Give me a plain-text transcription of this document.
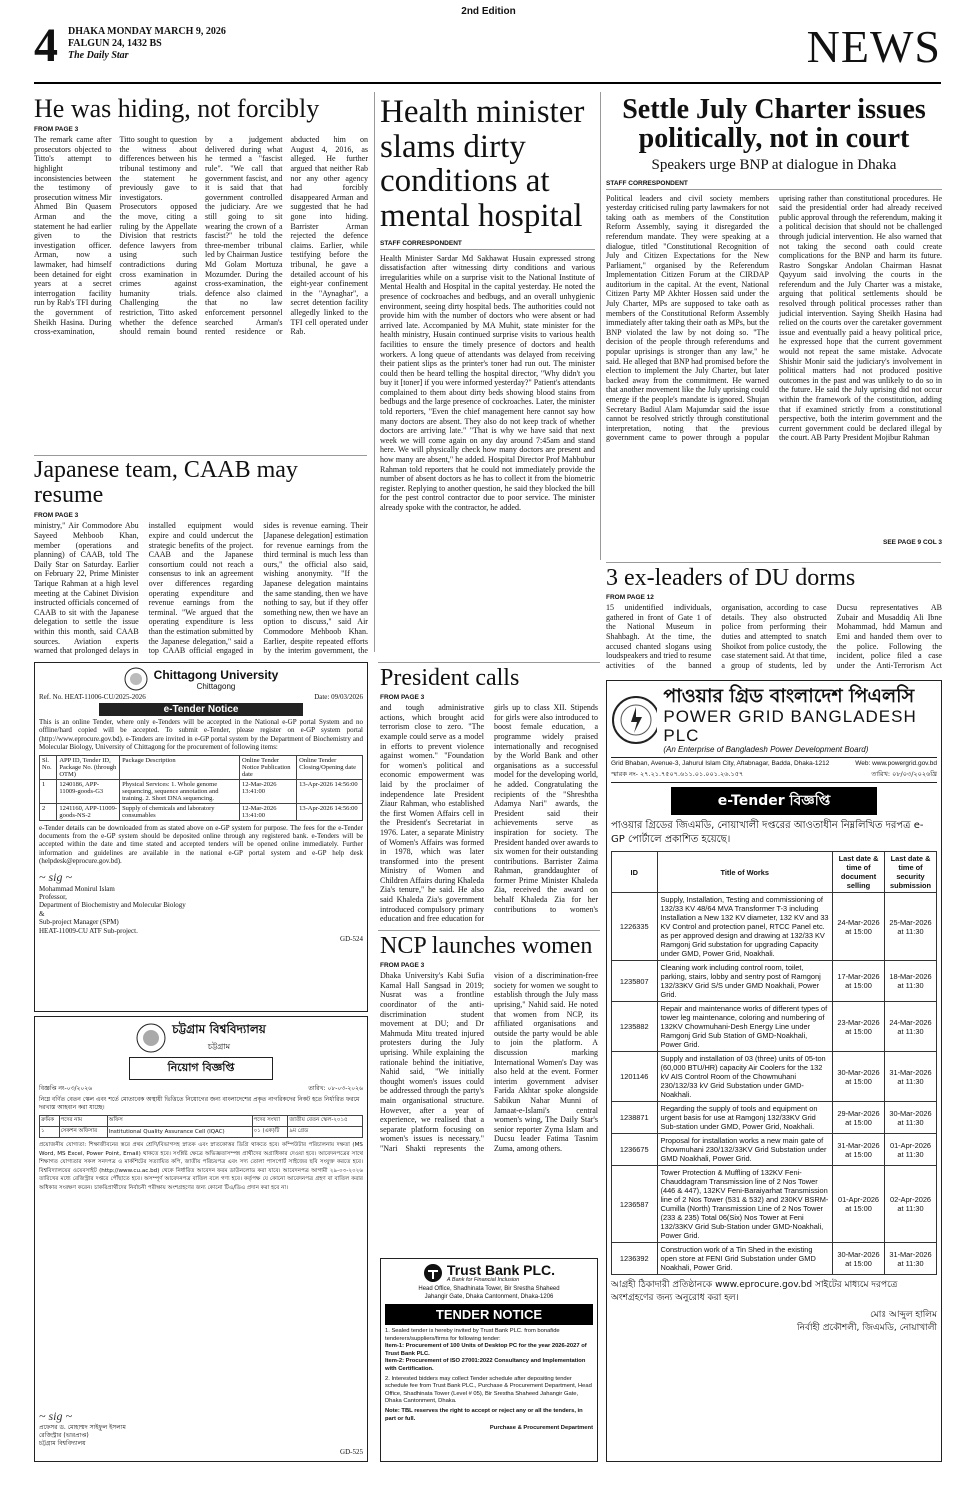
2nd Edition
4 DHAKA MONDAY MARCH 9, 2026
FALGUN 24, 1432 BS
The Daily Star	NEWS
He was hiding, not forcibly
FROM PAGE 3
The remark came after prosecutors objected to Titto's attempt to highlight inconsistencies between the testimony of prosecution witness Mir Ahmed Bin Quasem Arman and the statement he had earlier given to the investigation officer. Arman, now a lawmaker, had himself been detained for eight years at a secret interrogation facility run by Rab's TFI during the government of Sheikh Hasina. During cross-examination, Titto sought to question the witness about differences between his tribunal testimony and the statement he previously gave to investigators. Prosecutors opposed the move, citing a ruling by the Appellate Division that restricts defence lawyers from using such contradictions during cross examination in crimes against humanity trials. Challenging the restriction, Titto asked whether the defence should remain bound by a judgement delivered during what he termed a "fascist rule". "We call that government fascist, and it is said that that government controlled the judiciary. Are we still going to sit wearing the crown of a fascist?" he told the three-member tribunal led by Chairman Justice Md Golam Mortuza Mozumder. During the cross-examination, the defence also claimed that no law enforcement personnel searched Arman's rented residence or abducted him on August 4, 2016, as alleged. He further argued that neither Rab nor any other agency had forcibly disappeared Arman and suggested that he had gone into hiding. Barrister Arman rejected the defence claims. Earlier, while testifying before the tribunal, he gave a detailed account of his eight-year confinement in the "Aynaghar", a secret detention facility allegedly linked to the TFI cell operated under Rab.
Health minister slams dirty conditions at mental hospital
STAFF CORRESPONDENT
Health Minister Sardar Md Sakhawat Husain expressed strong dissatisfaction after witnessing dirty conditions and various irregularities while on a surprise visit to the National Institute of Mental Health and Hospital in the capital yesterday. He noted the presence of cockroaches and bedbugs, and an overall unhygienic environment, seeing dirty hospital beds. The authorities could not provide him with the number of doctors who were absent or had arrived late. Accompanied by MA Muhit, state minister for the health ministry, Husain continued surprise visits to various health facilities to ensure the timely presence of doctors and health workers. A long queue of attendants was delayed from receiving their patient slips as the printer's toner had run out. The minister could then be heard telling the hospital director, "Why didn't you buy it [toner] if you were informed yesterday?" Patient's attendants complained to them about dirty beds showing blood stains from bedbugs and the large presence of cockroaches. Later, the minister told reporters, "Even the chief management here cannot say how many doctors are absent. They also do not keep track of whether doctors are arriving late." "That is why we have said that next week we will come again on any day around 7:45am and stand here. We will physically check how many doctors are present and how many are absent," he added. Hospital Director Prof Mahbubur Rahman told reporters that he could not immediately provide the number of absent doctors as he has to collect it from the biometric register. Replying to another question, he said they blocked the bill for the pest control contractor due to poor service. The minister already spoke with the contractor, he added.
Settle July Charter issues politically, not in court
Speakers urge BNP at dialogue in Dhaka
STAFF CORRESPONDENT
Political leaders and civil society members yesterday criticised ruling party lawmakers for not taking oath as members of the Constitution Reform Assembly, saying it disregarded the referendum mandate. They were speaking at a dialogue, titled "Constitutional Recognition of July and Citizen Expectations for the New Parliament," organised by the Referendum Implementation Citizen Forum at the CIRDAP auditorium in the capital. At the event, National Citizen Party MP Akhter Hossen said under the July Charter, MPs are supposed to take oath as members of the Constitutional Reform Assembly immediately after taking their oath as MPs, but the BNP violated the law by not doing so. "The decision of the people through referendums and popular uprisings is stronger than any law," he said. He alleged that BNP had promised before the election to implement the July Charter, but later backed away from the commitment. He warned that another movement like the July uprising could emerge if the people's mandate is ignored. Shujan Secretary Badiul Alam Majumdar said the issue cannot be resolved strictly through constitutional interpretation, noting that the previous government came to power through a popular uprising rather than constitutional procedures. He said the presidential order had already received public approval through the referendum, making it a political decision that should not be challenged through judicial intervention. He also warned that not taking the second oath could create complications for the BNP and harm its future. Rastro Songskar Andolan Chairman Hasnat Qayyum said involving the courts in the referendum and the July Charter was a mistake, arguing that political settlements should be resolved through political processes rather than judicial intervention. Saying Sheikh Hasina had relied on the courts over the caretaker government issue and eventually paid a heavy political price, he expressed hope that the current government would not repeat the same mistake. Advocate Shishir Monir said the judiciary's involvement in political matters had not produced positive outcomes in the past and was unlikely to do so in the future. He said the July uprising did not occur within the framework of the constitution, adding that if examined strictly from a constitutional perspective, both the interim government and the current government could be declared illegal by the court. AB Party President Mojibur Rahman
SEE PAGE 9 COL 3
Japanese team, CAAB may resume
FROM PAGE 3
ministry," Air Commodore Abu Sayeed Mehboob Khan, member (operations and planning) of CAAB, told The Daily Star on Saturday. Earlier on February 22, Prime Minister Tarique Rahman at a high level meeting at the Cabinet Division instructed officials concerned of CAAB to sit with the Japanese delegation to settle the issue within this month, said CAAB sources. Aviation experts warned that prolonged delays in installed equipment would expire and could undercut the strategic benefits of the project. CAAB and the Japanese consortium could not reach a consensus to ink an agreement over differences regarding operating expenditure and revenue earnings from the terminal. "We argued that the operating expenditure is less than the estimation submitted by the Japanese delegation," said a top CAAB official engaged in sides is revenue earning. Their [Japanese delegation] estimation for revenue earnings from the third terminal is much less than ours," the official also said, wishing anonymity. "If the Japanese delegation maintains the same standing, then we have nothing to say, but if they offer something new, then we have an option to discuss," said Air Commodore Mehboob Khan. Earlier, despite repeated efforts by the interim government, the
3 ex-leaders of DU dorms
FROM PAGE 12
15 unidentified individuals, gathered in front of Gate 1 of the National Museum in Shahbagh. At the time, the accused chanted slogans using loudspeakers and tried to resume activities of the banned organisation, according to case details. They also obstructed police from performing their duties and attempted to snatch Shoikot from police custody, the case statement said. At that time, a group of students, led by Ducsu representatives AB Zubair and Musaddiq Ali Ibne Mohammad, hdd Mamun and Emi and handed them over to the police. Following the incident, police filed a case under the Anti-Terrorism Act
President calls
FROM PAGE 3
and tough administrative actions, which brought acid terrorism close to zero. "The example could serve as a model in efforts to prevent violence against women." "Foundation for women's political and economic empowerment was laid by the proclaimer of independence late President Ziaur Rahman, who established the first Women Affairs cell in the President's Secretariat in 1976. Later, a separate Ministry of Women's Affairs was formed in 1978, which was later transformed into the present Ministry of Women and Children Affairs during Khaleda Zia's tenure," he said. He also said Khaleda Zia's government introduced compulsory primary education and free education for girls up to class XII. Stipends for girls were also introduced to boost female education, a programme widely praised internationally and recognised by the World Bank and other organisations as a successful model for the developing world, he added. Congratulating the recipients of the "Shreshtha Adamya Nari" awards, the President said their achievements serve as inspiration for society. The President handed over awards to six women for their outstanding contributions. Barrister Zaima Rahman, granddaughter of former Prime Minister Khaleda Zia, received the award on behalf Khaleda Zia for her contributions to women's
NCP launches women
FROM PAGE 3
Dhaka University's Kabi Sufia Kamal Hall Sangsad in 2019; Nusrat was a frontline coordinator of the anti-discrimination student movement at DU; and Dr Mahmuda Mitu treated injured protesters during the July uprising. While explaining the rationale behind the initiative, Nahid said, "We initially thought women's issues could be addressed through the party's main organisational structure. However, after a year of experience, we realised that a separate platform focusing on women's issues is necessary." "Nari Shakti represents the vision of a discrimination-free society for women we sought to establish through the July mass uprising," Nahid said. He noted that women from NCP, its affiliated organisations and outside the party would be able to join the platform. A discussion marking International Women's Day was also held at the event. Former interim government adviser Farida Akhtar spoke alongside Sabikun Nahar Munni of Jamaat-e-Islami's central women's wing, The Daily Star's senior reporter Zyma Islam and Ducsu leader Fatima Tasnim Zuma, among others.
Chittagong University
Chittagong
Ref. No. HEAT-11006-CU/2025-2026	Date: 09/03/2026
e-Tender Notice
This is an online Tender, where only e-Tenders will be accepted in the National e-GP portal System and no offline/hard copied will be accepted. To submit e-Tender, please register on e-GP system portal (http://www.eprocure.gov.bd). e-Tenders are invited in e-GP portal system by the Department of Biochemistry and Molecular Biology, University of Chittagong for the procurement of following items:
Sl. No.	APP ID, Tender ID, Package No. (through OTM)	Package Description	Online Tender Notice Publication date	Online Tender Closing/Opening date
1	1240186, APP-11009-goods-G3	Physical Services: 1. Whole genome sequencing, sequence annotation and training. 2. Short DNA sequencing.	12-Mar-2026 13:41:00	13-Apr-2026 14:56:00
2	1241160, APP-11009-goods-NS-2	Supply of chemicals and laboratory consumables	12-Mar-2026 13:41:00	13-Apr-2026 14:56:00
e-Tender details can be downloaded from as stated above on e-GP system for purpose. The fees for the e-Tender documents from the e-GP system should be deposited online through any registered bank. e-Tenders will be accepted within the date and time stated and accepted tenders will be opened online immediately. Further information and guidelines are available in the national e-GP portal system and e-GP help desk (helpdesk@eprocure.gov.bd).
~ sig ~
Mohammad Monirul Islam
Professor,
Department of Biochemistry and Molecular Biology
&
Sub-project Manager (SPM)
HEAT-11009-CU ATF Sub-project.
GD-524
চট্টগ্রাম বিশ্ববিদ্যালয়
চট্টগ্রাম
নিয়োগ বিজ্ঞপ্তি
বিজ্ঞপ্তি নং-০৩/২০২৬	তারিখ: ০৮-০৩-২০২৬
নিম্নে বর্ণিত বেতন স্কেল এবং শর্তে মোতাবেক অস্থায়ী ভিত্তিতে নিয়োগের জন্য বাংলাদেশের প্রকৃত নাগরিকদের নিকট হতে নির্ধারিত ফরমে দরখাস্ত আহবান করা যাচ্ছে।
ক্রমিক	পদের নাম	অফিস	পদের সংখ্যা	জাতীয় বেতন স্কেল-২০১৫
১	সেকশন অফিসার	Institutional Quality Assurance Cell (IQAC)	০১ (এক)টি	৯ম গ্রেড
প্রয়োজনীয় যোগ্যতা: শিক্ষাজীবনের স্তরে প্রথম শ্রেণি/বিভাগসহ স্নাতক এবং স্নাতকোত্তর ডিগ্রি থাকতে হবে। কম্পিউটার পরিচালনায় দক্ষতা (MS Word, MS Excel, Power Point, Email) থাকতে হবে। সংশ্লিষ্ট ক্ষেত্রে অভিজ্ঞতাসম্পন্ন প্রার্থীদের অগ্রাধিকার দেওয়া হবে। আবেদনপত্রের সাথে শিক্ষাগত যোগ্যতার সকল সনদপত্র ও মার্কশিটের সত্যায়িত কপি, জাতীয় পরিচয়পত্র এবং সদ্য তোলা পাসপোর্ট সাইজের ছবি সংযুক্ত করতে হবে। বিশ্ববিদ্যালয়ের ওয়েবসাইট (http://www.cu.ac.bd) থেকে নির্ধারিত আবেদন ফরম ডাউনলোড করা যাবে। আবেদনপত্র আগামী ২৯-০৩-২০২৬ তারিখের মধ্যে রেজিস্ট্রার দপ্তরে পৌঁছাতে হবে। অসম্পূর্ণ আবেদনপত্র বাতিল বলে গণ্য হবে। কর্তৃপক্ষ যে কোনো আবেদনপত্র গ্রহণ বা বাতিল করার অধিকার সংরক্ষণ করেন। চাকরিপ্রার্থীদের নির্বাচনী পরীক্ষায় অংশগ্রহণের জন্য কোনো টিএ/ডিএ প্রদান করা হবে না।
~ sig ~
প্রফেসর ড. মোহাম্মদ সাইফুল ইসলাম
রেজিস্ট্রার (ভারপ্রাপ্ত)
চট্টগ্রাম বিশ্ববিদ্যালয়
GD-525
Trust Bank PLC.
A Bank for Financial Inclusion
Head Office, Shadhinata Tower, Bir Srestha Shaheed
Jahangir Gate, Dhaka Cantonment, Dhaka-1206
TENDER NOTICE
1. Sealed tender is hereby invited by Trust Bank PLC. from bonafide tenderers/suppliers/firms for following tender:
Item-1: Procurement of 100 Units of Desktop PC for the year 2026-2027 of Trust Bank PLC.
Item-2: Procurement of ISO 27001:2022 Consultancy and Implementation with Certification.
2. Interested bidders may collect Tender schedule after depositing tender schedule fee from Trust Bank PLC., Purchase & Procurement Department, Head Office, Shadhinata Tower (Level # 05), Bir Srestha Shaheed Jahangir Gate, Dhaka Cantonment, Dhaka.
Note: TBL reserves the right to accept or reject any or all the tenders, in part or full.
Purchase & Procurement Department
পাওয়ার গ্রিড বাংলাদেশ পিএলসি
POWER GRID BANGLADESH PLC
(An Enterprise of Bangladesh Power Development Board)
Grid Bhaban, Avenue-3, Jahurul Islam City, Aftabnagar, Badda, Dhaka-1212	Web: www.powergrid.gov.bd
স্মারক নং- ২৭.২১.৭৫০৭.৬১১.০১.০০১.২৬.১৫৭	তারিখ: ০৮/০৩/২০২৬খ্রি
e-Tender বিজ্ঞপ্তি
পাওয়ার গ্রিডের জিএমডি, নোয়াখালী দপ্তরের আওতাধীন নিম্নলিখিত দরপত্র e-GP পোর্টালে প্রকাশিত হয়েছে।
ID	Title of Works	Last date & time of document selling	Last date & time of security submission
1226335	Supply, Installation, Testing and commissioning of 132/33 KV 48/64 MVA Transformer T-3 including Installation a New 132 KV diameter, 132 KV and 33 KV Control and protection panel, RTCC Panel etc. as per approved design and drawing at 132/33 KV Ramgonj Grid substation for upgrading Capacity under GMD, Power Grid, Noakhali.	24-Mar-2026 at 15:00	25-Mar-2026 at 11:30
1235807	Cleaning work including control room, toilet, parking, stairs, lobby and sentry post of Ramgonj 132/33KV Grid S/S under GMD Noakhali, Power Grid.	17-Mar-2026 at 15:00	18-Mar-2026 at 11:30
1235882	Repair and maintenance works of different types of tower leg maintenance, coloring and numbering of 132KV Chowmuhani-Desh Energy Line under Ramgonj Grid Sub Station of GMD-Noakhali, Power Grid.	23-Mar-2026 at 15:00	24-Mar-2026 at 11:30
1201146	Supply and installation of 03 (three) units of 05-ton (60,000 BTU/HR) capacity Air Coolers for the 132 kV AIS Control Room of the Chowmuhani 230/132/33 kV Grid Substation under GMD-Noakhali.	30-Mar-2026 at 15:00	31-Mar-2026 at 11:30
1238871	Regarding the supply of tools and equipment on urgent basis for use at Ramgonj 132/33KV Grid Sub-station under GMD, Power Grid, Noakhali.	29-Mar-2026 at 15:00	30-Mar-2026 at 11:30
1236675	Proposal for installation works a new main gate of Chowmuhani 230/132/33KV Grid Substation under GMD Noakhali, Power Grid.	31-Mar-2026 at 15:00	01-Apr-2026 at 11:30
1236587	Tower Protection & Muffling of 132KV Feni-Chauddagram Transmission line of 2 Nos Tower (446 & 447), 132KV Feni-Baraiyarhat Transmission line of 2 Nos Tower (531 & 532) and 230KV BSRM-Cumilla (North) Transmission Line of 2 Nos Tower (233 & 235) Total 06(Six) Nos Tower at Feni 132/33KV Grid Sub-Station under GMD-Noakhali, Power Grid.	01-Apr-2026 at 15:00	02-Apr-2026 at 11:30
1236392	Construction work of a Tin Shed in the existing open store at FENI Grid Substation under GMD Noakhali, Power Grid.	30-Mar-2026 at 15:00	31-Mar-2026 at 11:30
আগ্রহী ঠিকাদারী প্রতিষ্ঠানকে www.eprocure.gov.bd সাইটের মাধ্যমে দরপত্রে অংশগ্রহণের জন্য অনুরোধ করা হল।
মোঃ আব্দুল হালিম
নির্বাহী প্রকৌশলী, জিএমডি, নোয়াখালী
